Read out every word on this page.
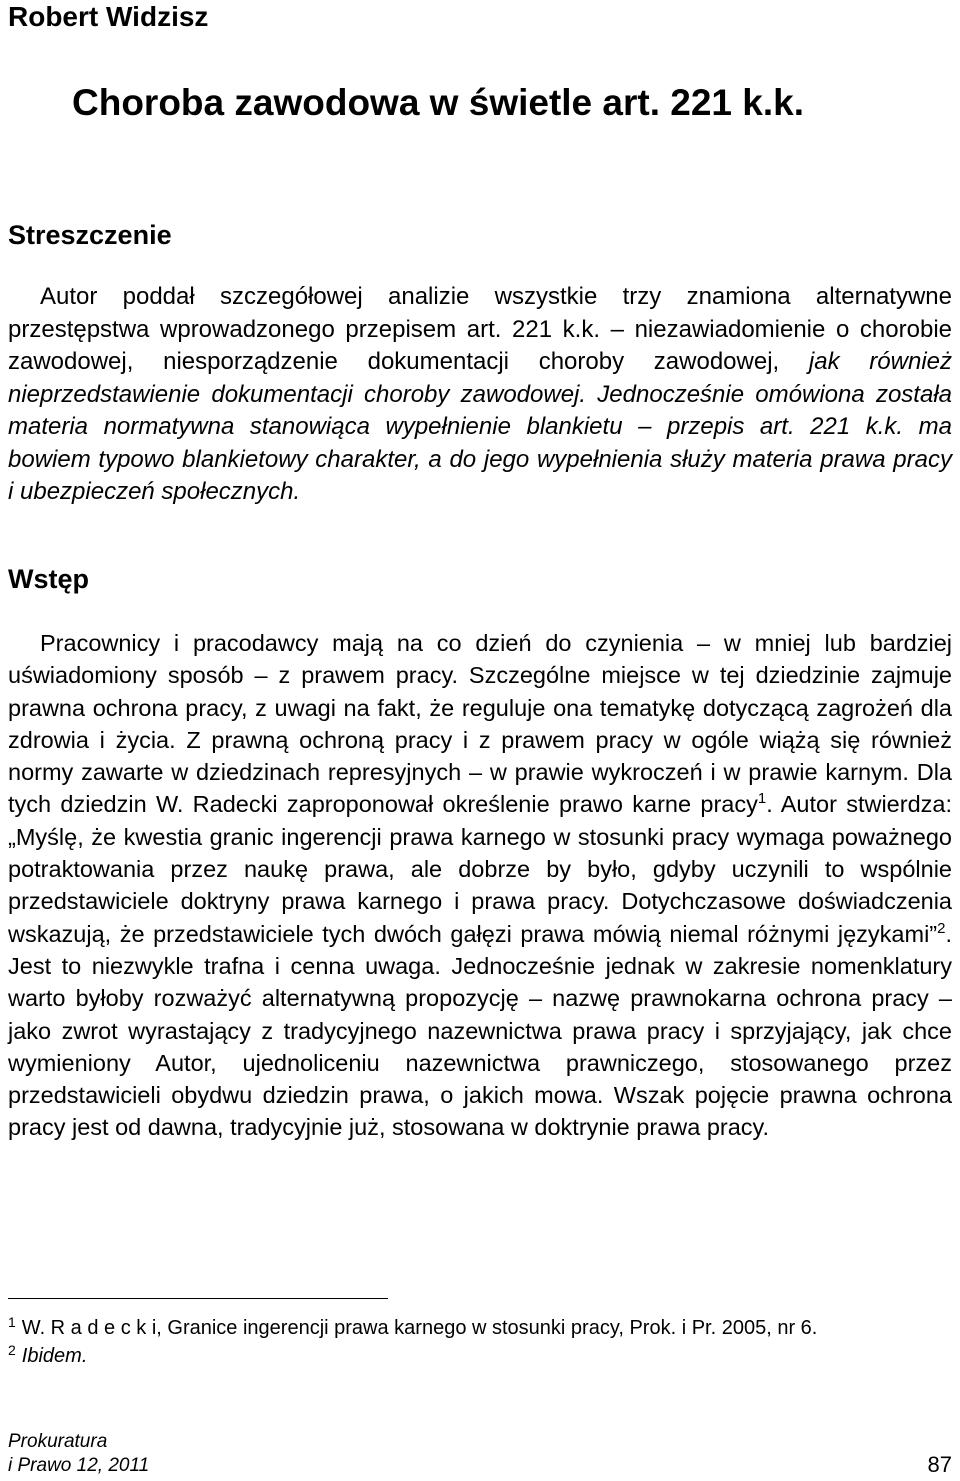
Robert Widzisz
Choroba zawodowa w świetle art. 221 k.k.
Streszczenie

Autor poddał szczegółowej analizie wszystkie trzy znamiona alternatywne przestępstwa wprowadzonego przepisem art. 221 k.k. – niezawiadomienie o chorobie zawodowej, niesporządzenie dokumentacji choroby zawodowej, jak również nieprzedstawienie dokumentacji choroby zawodowej. Jednocześnie omówiona została materia normatywna stanowiąca wypełnienie blankietu – przepis art. 221 k.k. ma bowiem typowo blankietowy charakter, a do jego wypełnienia służy materia prawa pracy i ubezpieczeń społecznych.

Wstęp

Pracownicy i pracodawcy mają na co dzień do czynienia – w mniej lub bardziej uświadomiony sposób – z prawem pracy. Szczególne miejsce w tej dziedzinie zajmuje prawna ochrona pracy, z uwagi na fakt, że reguluje ona tematykę dotyczącą zagrożeń dla zdrowia i życia. Z prawną ochroną pracy i z prawem pracy w ogóle wiążą się również normy zawarte w dziedzinach represyjnych – w prawie wykroczeń i w prawie karnym. Dla tych dziedzin W. Radecki zaproponował określenie prawo karne pracy$^1$. Autor stwierdza: „Myślę, że kwestia granic ingerencji prawa karnego w stosunki pracy wymaga poważnego potraktowania przez naukę prawa, ale dobrze by było, gdyby uczynili to wspólnie przedstawiciele doktryny prawa karnego i prawa pracy. Dotychczasowe doświadczenia wskazują, że przedstawiciele tych dwóch gałęzi prawa mówią niemal różnymi językami”$^2$. Jest to niezwykle trafna i cenna uwaga. Jednocześnie jednak w zakresie nomenklatury warto byłoby rozważyć alternatywną propozycję – nazwę prawnokarna ochrona pracy – jako zwrot wyrastający z tradycyjnego nazewnictwa prawa pracy i sprzyjający, jak chce wymieniony Autor, ujednoliceniu nazewnictwa prawniczego, stosowanego przez przedstawicieli obydwu dziedzin prawa, o jakich mowa. Wszak pojęcie prawna ochrona pracy jest od dawna, tradycyjnie już, stosowana w doktrynie prawa pracy.

$^1$ W. R a d e c k i, Granice ingerencji prawa karnego w stosunki pracy, Prok. i Pr. 2005, nr 6.
$^2$ Ibidem.
Prokuratura
i Prawo 12, 2011	87
